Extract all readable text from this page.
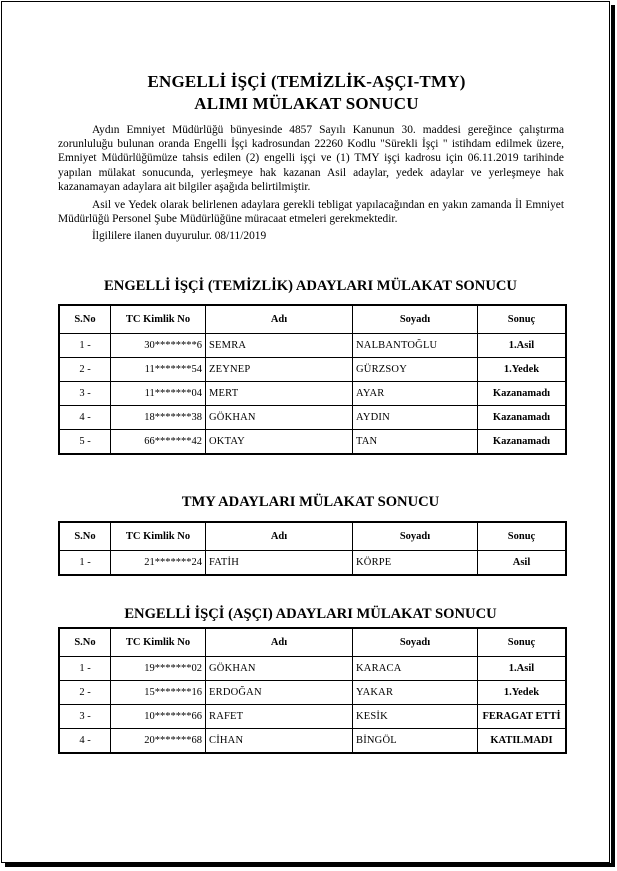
ENGELLİ İŞÇİ (TEMİZLİK-AŞÇI-TMY)
ALIMI MÜLAKAT SONUCU
Aydın Emniyet Müdürlüğü bünyesinde 4857 Sayılı Kanunun 30. maddesi gereğince çalıştırma zorunluluğu bulunan oranda Engelli İşçi kadrosundan 22260 Kodlu "Sürekli İşçi " istihdam edilmek üzere, Emniyet Müdürlüğümüze tahsis edilen (2) engelli işçi ve (1) TMY işçi kadrosu için 06.11.2019 tarihinde yapılan mülakat sonucunda, yerleşmeye hak kazanan Asil adaylar, yedek adaylar ve yerleşmeye hak kazanamayan adaylara ait bilgiler aşağıda belirtilmiştir.
Asil ve Yedek olarak belirlenen adaylara gerekli tebligat yapılacağından en yakın zamanda İl Emniyet Müdürlüğü Personel Şube Müdürlüğüne müracaat etmeleri gerekmektedir.
İlgililere ilanen duyurulur. 08/11/2019
ENGELLİ İŞÇİ (TEMİZLİK) ADAYLARI MÜLAKAT SONUCU
S.No	TC Kimlik No	Adı	Soyadı	Sonuç
1 -	30********6	SEMRA	NALBANTOĞLU	1.Asil
2 -	11*******54	ZEYNEP	GÜRZSOY	1.Yedek
3 -	11*******04	MERT	AYAR	Kazanamadı
4 -	18*******38	GÖKHAN	AYDIN	Kazanamadı
5 -	66*******42	OKTAY	TAN	Kazanamadı
TMY ADAYLARI MÜLAKAT SONUCU
S.No	TC Kimlik No	Adı	Soyadı	Sonuç
1 -	21*******24	FATİH	KÖRPE	Asil
ENGELLİ İŞÇİ (AŞÇI) ADAYLARI MÜLAKAT SONUCU
S.No	TC Kimlik No	Adı	Soyadı	Sonuç
1 -	19*******02	GÖKHAN	KARACA	1.Asil
2 -	15*******16	ERDOĞAN	YAKAR	1.Yedek
3 -	10*******66	RAFET	KESİK	FERAGAT ETTİ
4 -	20*******68	CİHAN	BİNGÖL	KATILMADI
